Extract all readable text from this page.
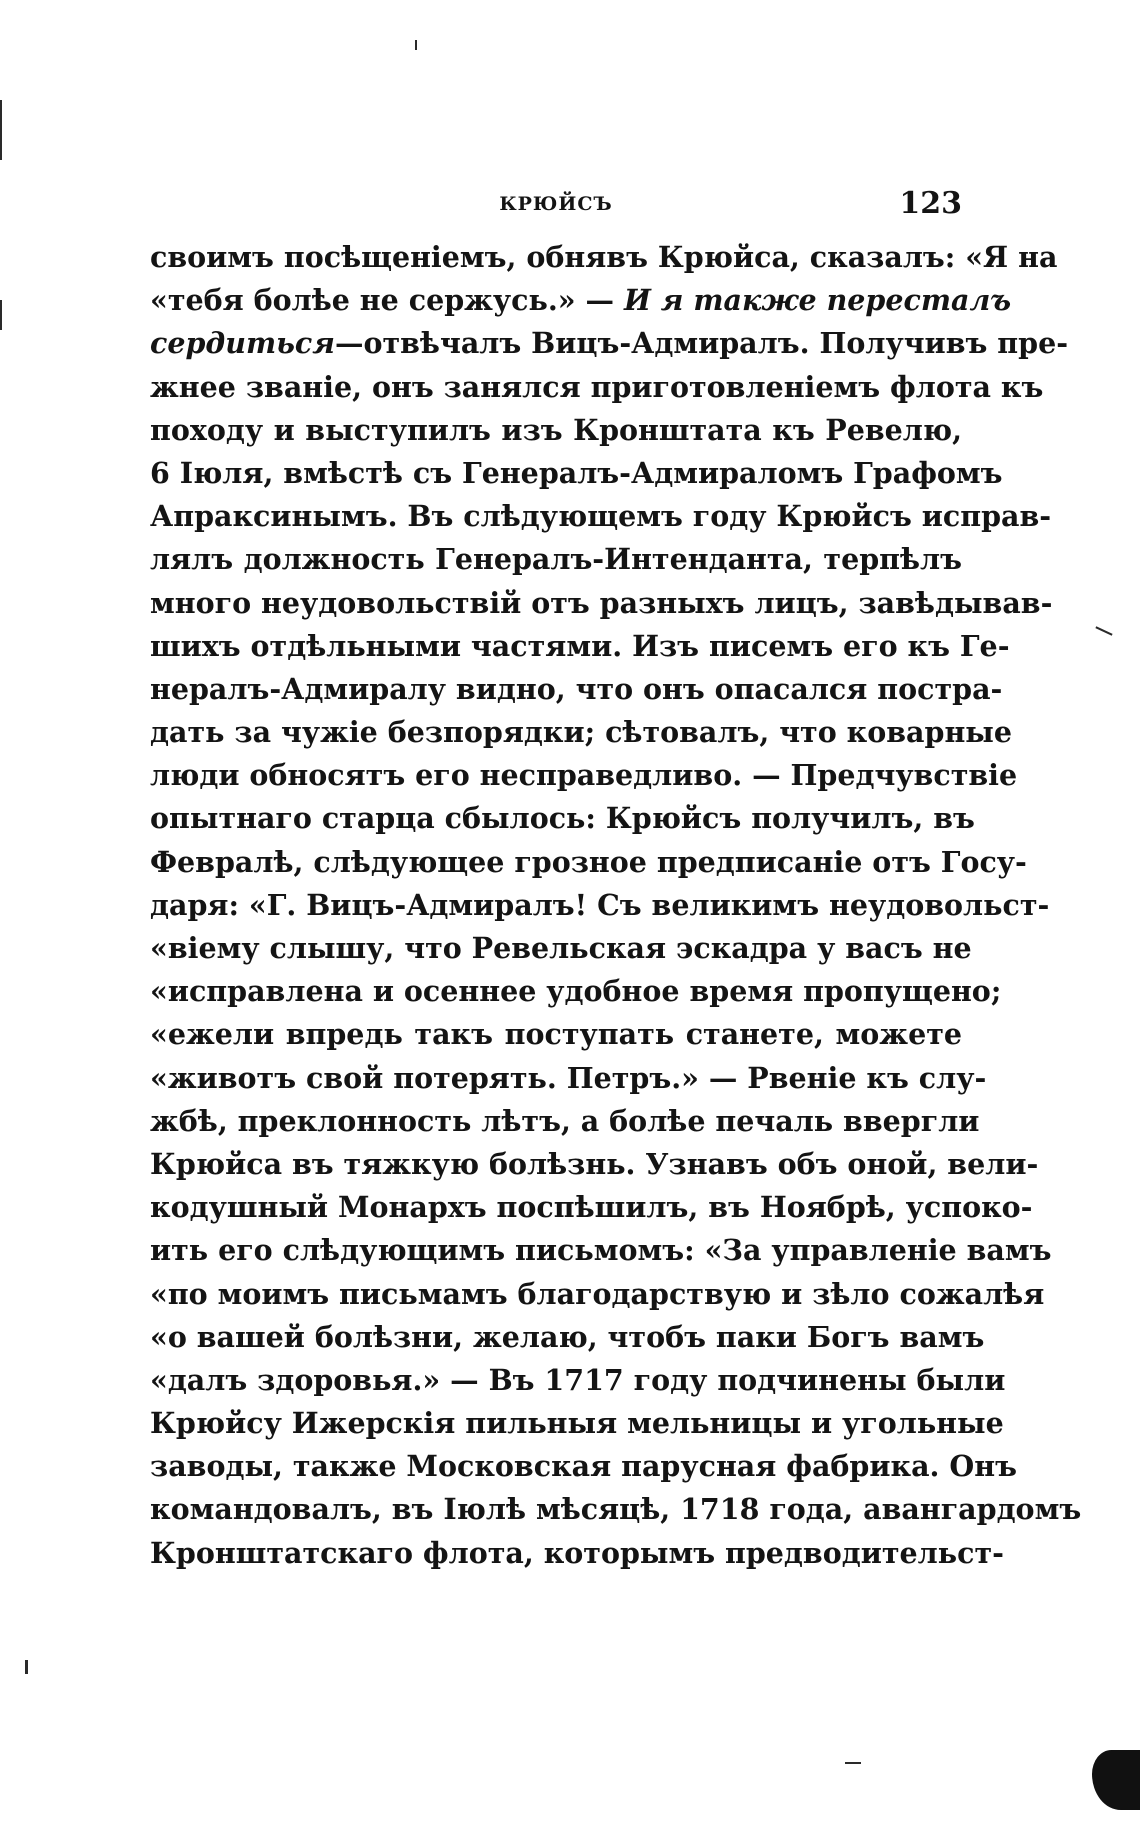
крюйсъ	123
своимъ посѣщеніемъ, обнявъ Крюйса, сказалъ: «Я на
«тебя болѣе не сержусь.» — И я также пересталъ
сердиться—отвѣчалъ Вицъ-Адмиралъ. Получивъ пре-
жнее званіе, онъ занялся приготовленіемъ флота къ
походу и выступилъ изъ Кронштата къ Ревелю,
6 Іюля, вмѣстѣ съ Генералъ-Адмираломъ Графомъ
Апраксинымъ. Въ слѣдующемъ году Крюйсъ исправ-
лялъ должность Генералъ-Интенданта, терпѣлъ
много неудовольствій отъ разныхъ лицъ, завѣдывав-
шихъ отдѣльными частями. Изъ писемъ его къ Ге-
нералъ-Адмиралу видно, что онъ опасался постра-
дать за чужіе безпорядки; сѣтовалъ, что коварные
люди обносятъ его несправедливо. — Предчувствіе
опытнаго старца сбылось: Крюйсъ получилъ, въ
Февралѣ, слѣдующее грозное предписаніе отъ Госу-
даря: «Г. Вицъ-Адмиралъ! Съ великимъ неудовольст-
«віему слышу, что Ревельская эскадра у васъ не
«исправлена и осеннее удобное время пропущено;
«ежели впредь такъ поступать станете, можете
«животъ свой потерять. Петръ.» — Рвеніе къ слу-
жбѣ, преклонность лѣтъ, а болѣе печаль ввергли
Крюйса въ тяжкую болѣзнь. Узнавъ объ оной, вели-
кодушный Монархъ поспѣшилъ, въ Ноябрѣ, успоко-
ить его слѣдующимъ письмомъ: «За управленіе вамъ
«по моимъ письмамъ благодарствую и зѣло сожалѣя
«о вашей болѣзни, желаю, чтобъ паки Богъ вамъ
«далъ здоровья.» — Въ 1717 году подчинены были
Крюйсу Ижерскія пильныя мельницы и угольные
заводы, также Московская парусная фабрика. Онъ
командовалъ, въ Іюлѣ мѣсяцѣ, 1718 года, авангардомъ
Кронштатскаго флота, которымъ предводительст-
